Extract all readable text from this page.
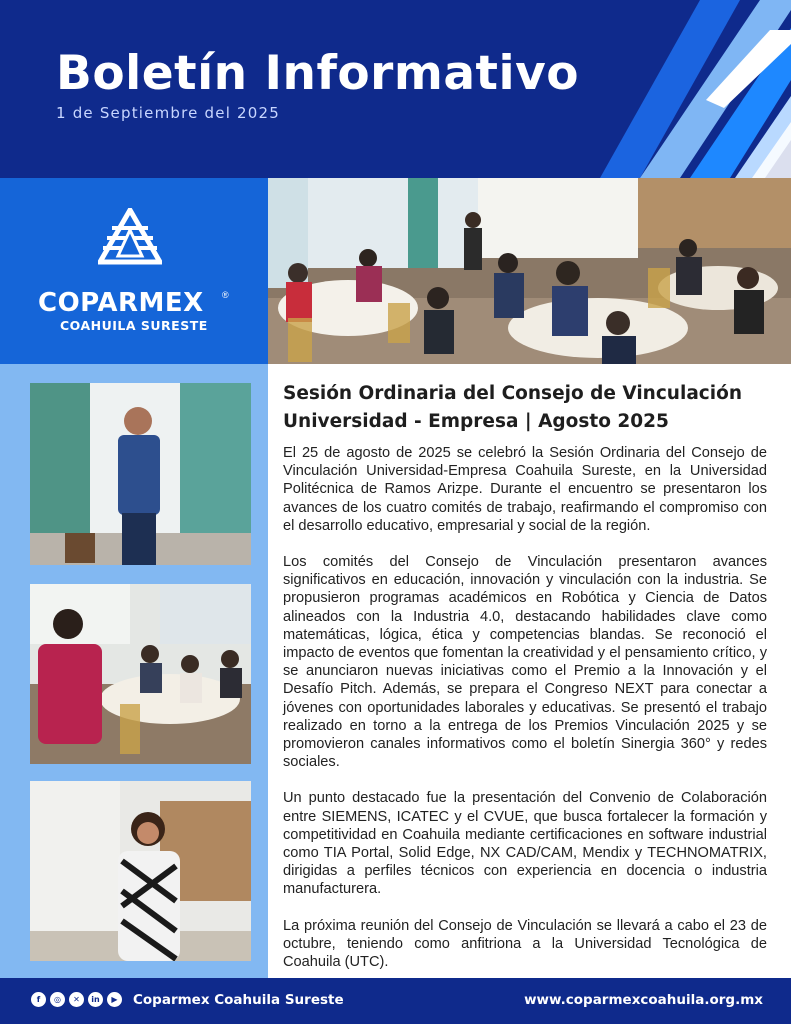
Boletín Informativo
1 de Septiembre del 2025
COPARMEX ®
COAHUILA SURESTE
Sesión Ordinaria del Consejo de Vinculación Universidad - Empresa | Agosto 2025

El 25 de agosto de 2025 se celebró la Sesión Ordinaria del Consejo de Vinculación Universidad-Empresa Coahuila Sureste, en la Universidad Politécnica de Ramos Arizpe. Durante el encuentro se presentaron los avances de los cuatro comités de trabajo, reafirmando el compromiso con el desarrollo educativo, empresarial y social de la región.

Los comités del Consejo de Vinculación presentaron avances significativos en educación, innovación y vinculación con la industria. Se propusieron programas académicos en Robótica y Ciencia de Datos alineados con la Industria 4.0, destacando habilidades clave como matemáticas, lógica, ética y competencias blandas. Se reconoció el impacto de eventos que fomentan la creatividad y el pensamiento crítico, y se anunciaron nuevas iniciativas como el Premio a la Innovación y el Desafío Pitch. Además, se prepara el Congreso NEXT para conectar a jóvenes con oportunidades laborales y educativas. Se presentó el trabajo realizado en torno a la entrega de los Premios Vinculación 2025 y se promovieron canales informativos como el boletín Sinergia 360° y redes sociales.

Un punto destacado fue la presentación del Convenio de Colaboración entre SIEMENS, ICATEC y el CVUE, que busca fortalecer la formación y competitividad en Coahuila mediante certificaciones en software industrial como TIA Portal, Solid Edge, NX CAD/CAM, Mendix y TECHNOMATRIX, dirigidas a perfiles técnicos con experiencia en docencia o industria manufacturera.

La próxima reunión del Consejo de Vinculación se llevará a cabo el 23 de octubre, teniendo como anfitriona a la Universidad Tecnológica de Coahuila (UTC).

f	◎	✕	in	▶	Coparmex Coahuila Sureste	www.coparmexcoahuila.org.mx
